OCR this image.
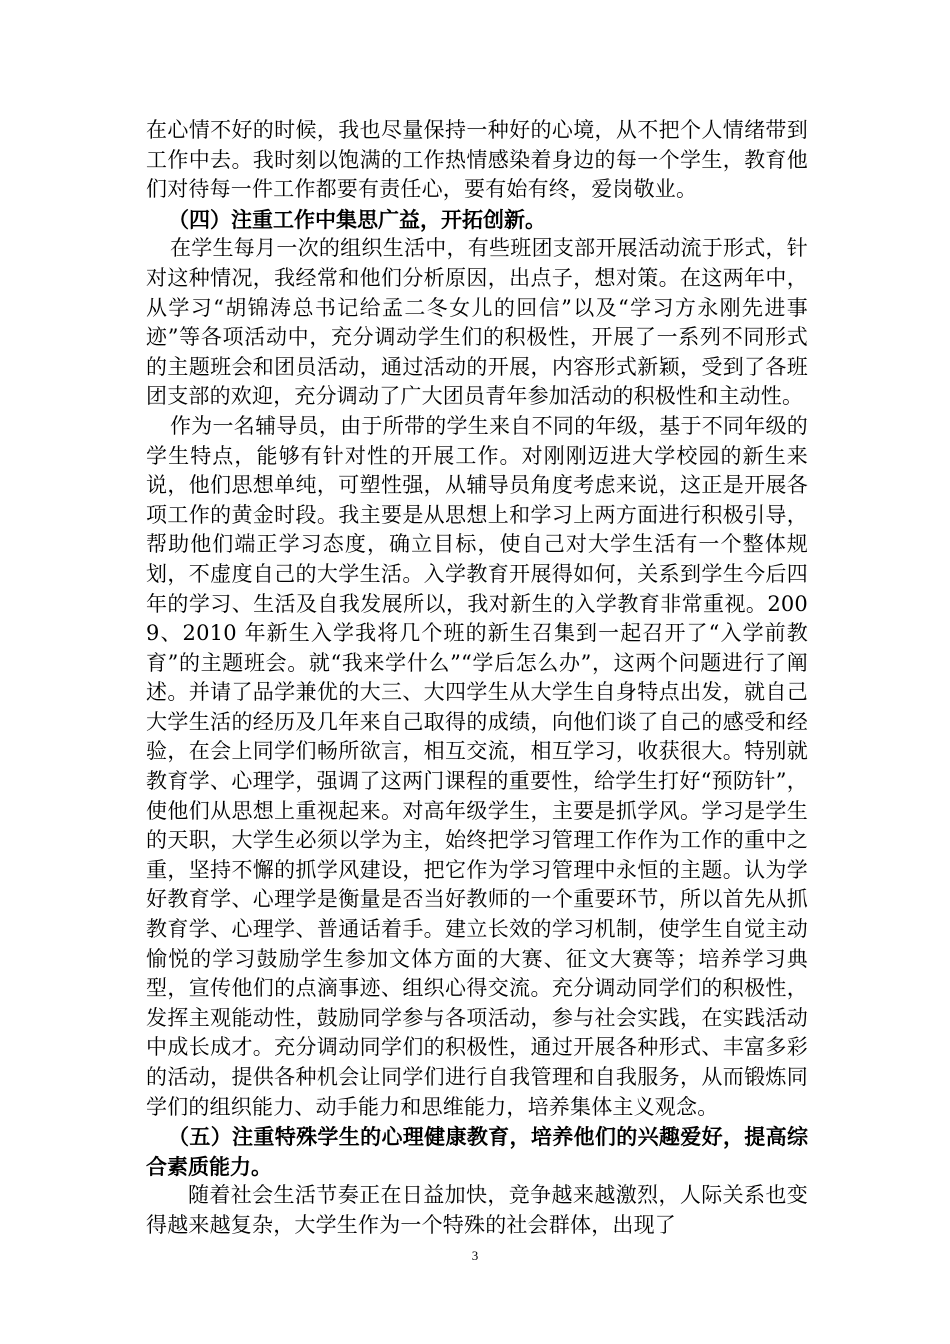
在心情不好的时候，我也尽量保持一种好的心境，从不把个人情绪带到工作中去。我时刻以饱满的工作热情感染着身边的每一个学生，教育他们对待每一件工作都要有责任心，要有始有终，爱岗敬业。

（四）注重工作中集思广益，开拓创新。

在学生每月一次的组织生活中，有些班团支部开展活动流于形式，针对这种情况，我经常和他们分析原因，出点子，想对策。在这两年中，从学习“胡锦涛总书记给孟二冬女儿的回信”以及“学习方永刚先进事迹”等各项活动中，充分调动学生们的积极性，开展了一系列不同形式的主题班会和团员活动，通过活动的开展，内容形式新颖，受到了各班团支部的欢迎，充分调动了广大团员青年参加活动的积极性和主动性。

作为一名辅导员，由于所带的学生来自不同的年级，基于不同年级的学生特点，能够有针对性的开展工作。对刚刚迈进大学校园的新生来说，他们思想单纯，可塑性强，从辅导员角度考虑来说，这正是开展各项工作的黄金时段。我主要是从思想上和学习上两方面进行积极引导，帮助他们端正学习态度，确立目标，使自己对大学生活有一个整体规划，不虚度自己的大学生活。入学教育开展得如何，关系到学生今后四年的学习、生活及自我发展所以，我对新生的入学教育非常重视。2009、2010 年新生入学我将几个班的新生召集到一起召开了“入学前教育”的主题班会。就“我来学什么”“学后怎么办”，这两个问题进行了阐述。并请了品学兼优的大三、大四学生从大学生自身特点出发，就自己大学生活的经历及几年来自己取得的成绩，向他们谈了自己的感受和经验，在会上同学们畅所欲言，相互交流，相互学习，收获很大。特别就教育学、心理学，强调了这两门课程的重要性，给学生打好“预防针”，使他们从思想上重视起来。对高年级学生，主要是抓学风。学习是学生的天职，大学生必须以学为主，始终把学习管理工作作为工作的重中之重，坚持不懈的抓学风建设，把它作为学习管理中永恒的主题。认为学好教育学、心理学是衡量是否当好教师的一个重要环节，所以首先从抓教育学、心理学、普通话着手。建立长效的学习机制，使学生自觉主动愉悦的学习鼓励学生参加文体方面的大赛、征文大赛等；培养学习典型，宣传他们的点滴事迹、组织心得交流。充分调动同学们的积极性，发挥主观能动性，鼓励同学参与各项活动，参与社会实践，在实践活动中成长成才。充分调动同学们的积极性，通过开展各种形式、丰富多彩的活动，提供各种机会让同学们进行自我管理和自我服务，从而锻炼同学们的组织能力、动手能力和思维能力，培养集体主义观念。

（五）注重特殊学生的心理健康教育，培养他们的兴趣爱好，提高综合素质能力。

随着社会生活节奏正在日益加快，竞争越来越激烈，人际关系也变得越来越复杂，大学生作为一个特殊的社会群体，出现了

3
